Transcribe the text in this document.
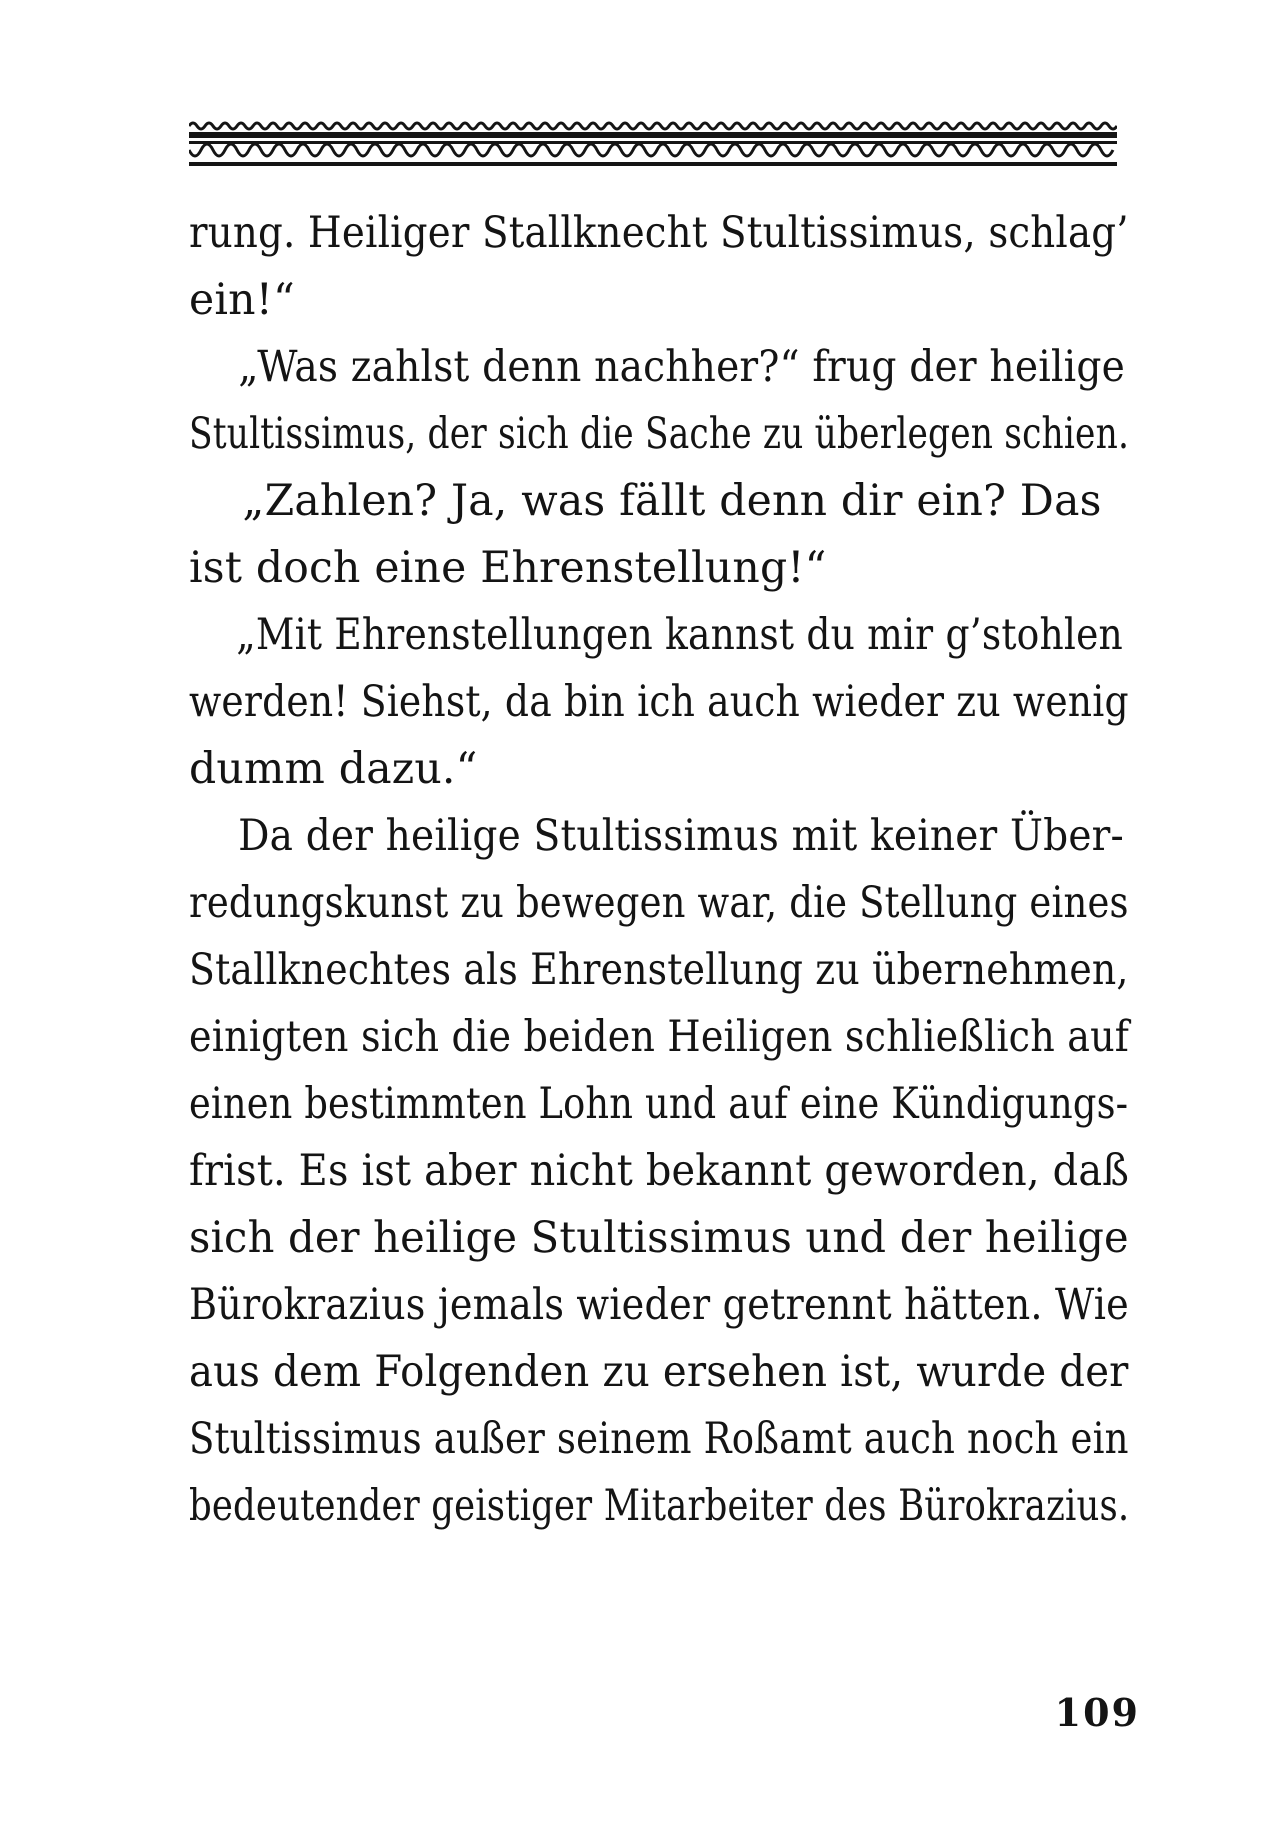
rung. Heiliger Stallknecht Stultissimus, schlag’
ein!“
„Was zahlst denn nachher?“ frug der heilige
Stultissimus, der sich die Sache zu überlegen schien.
„Zahlen? Ja, was fällt denn dir ein? Das
ist doch eine Ehrenstellung!“
„Mit Ehrenstellungen kannst du mir g’stohlen
werden! Siehst, da bin ich auch wieder zu wenig
dumm dazu.“
Da der heilige Stultissimus mit keiner Über-
redungskunst zu bewegen war, die Stellung eines
Stallknechtes als Ehrenstellung zu übernehmen,
einigten sich die beiden Heiligen schließlich auf
einen bestimmten Lohn und auf eine Kündigungs-
frist. Es ist aber nicht bekannt geworden, daß
sich der heilige Stultissimus und der heilige
Bürokrazius jemals wieder getrennt hätten. Wie
aus dem Folgenden zu ersehen ist, wurde der
Stultissimus außer seinem Roßamt auch noch ein
bedeutender geistiger Mitarbeiter des Bürokrazius.
109
